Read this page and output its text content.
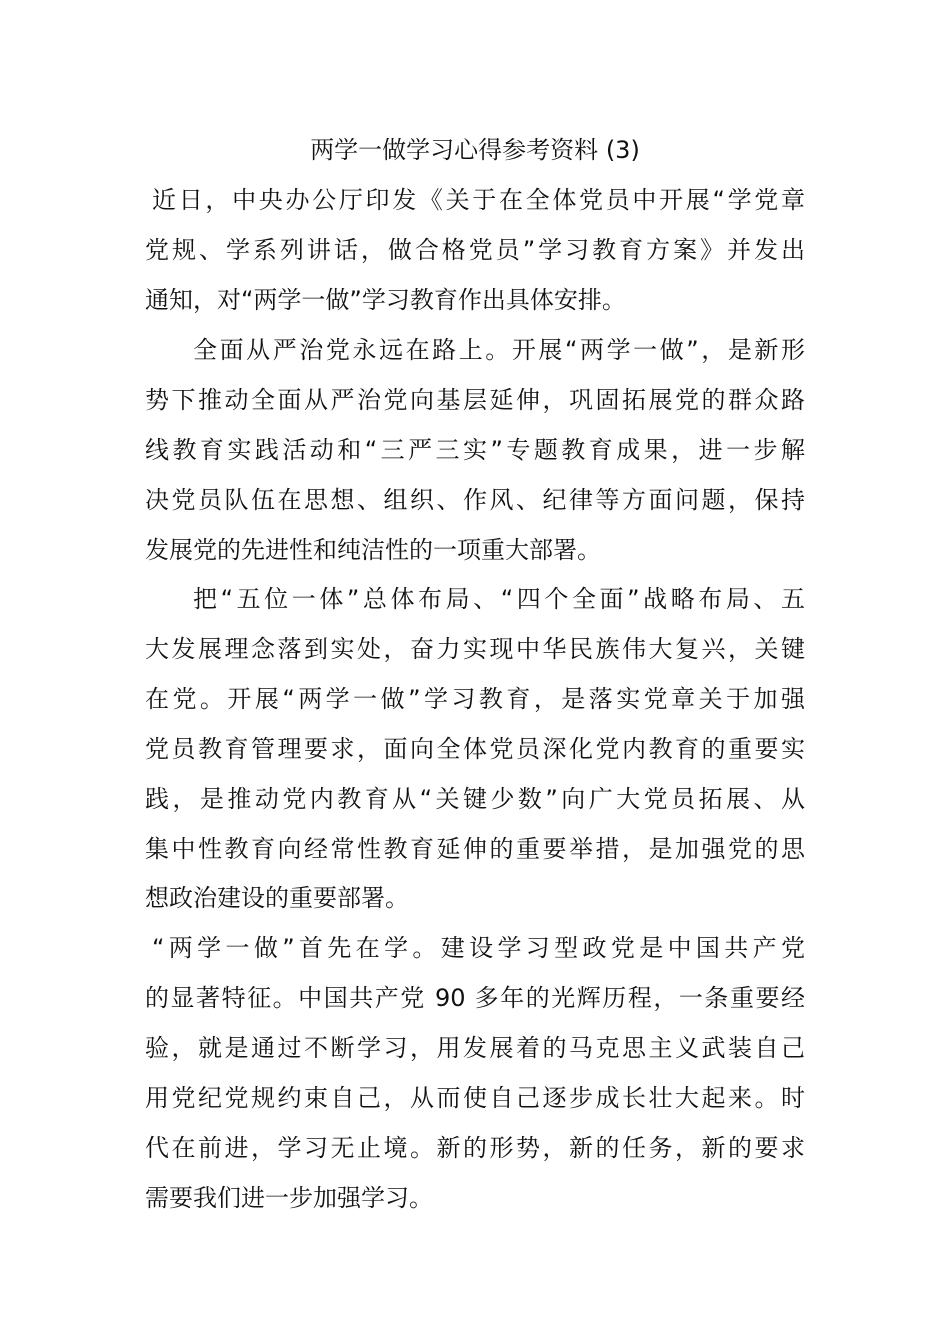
两学一做学习心得参考资料 (3)
近日，中央办公厅印发《关于在全体党员中开展“学党章
党规、学系列讲话，做合格党员”学习教育方案》并发出
通知，对“两学一做”学习教育作出具体安排。
全面从严治党永远在路上。开展“两学一做”，是新形
势下推动全面从严治党向基层延伸，巩固拓展党的群众路
线教育实践活动和“三严三实”专题教育成果，进一步解
决党员队伍在思想、组织、作风、纪律等方面问题，保持
发展党的先进性和纯洁性的一项重大部署。
把“五位一体”总体布局、“四个全面”战略布局、五
大发展理念落到实处，奋力实现中华民族伟大复兴，关键
在党。开展“两学一做”学习教育，是落实党章关于加强
党员教育管理要求，面向全体党员深化党内教育的重要实
践，是推动党内教育从“关键少数”向广大党员拓展、从
集中性教育向经常性教育延伸的重要举措，是加强党的思
想政治建设的重要部署。
“两学一做”首先在学。建设学习型政党是中国共产党
的显著特征。中国共产党 90 多年的光辉历程，一条重要经
验，就是通过不断学习，用发展着的马克思主义武装自己
用党纪党规约束自己，从而使自己逐步成长壮大起来。时
代在前进，学习无止境。新的形势，新的任务，新的要求
需要我们进一步加强学习。
